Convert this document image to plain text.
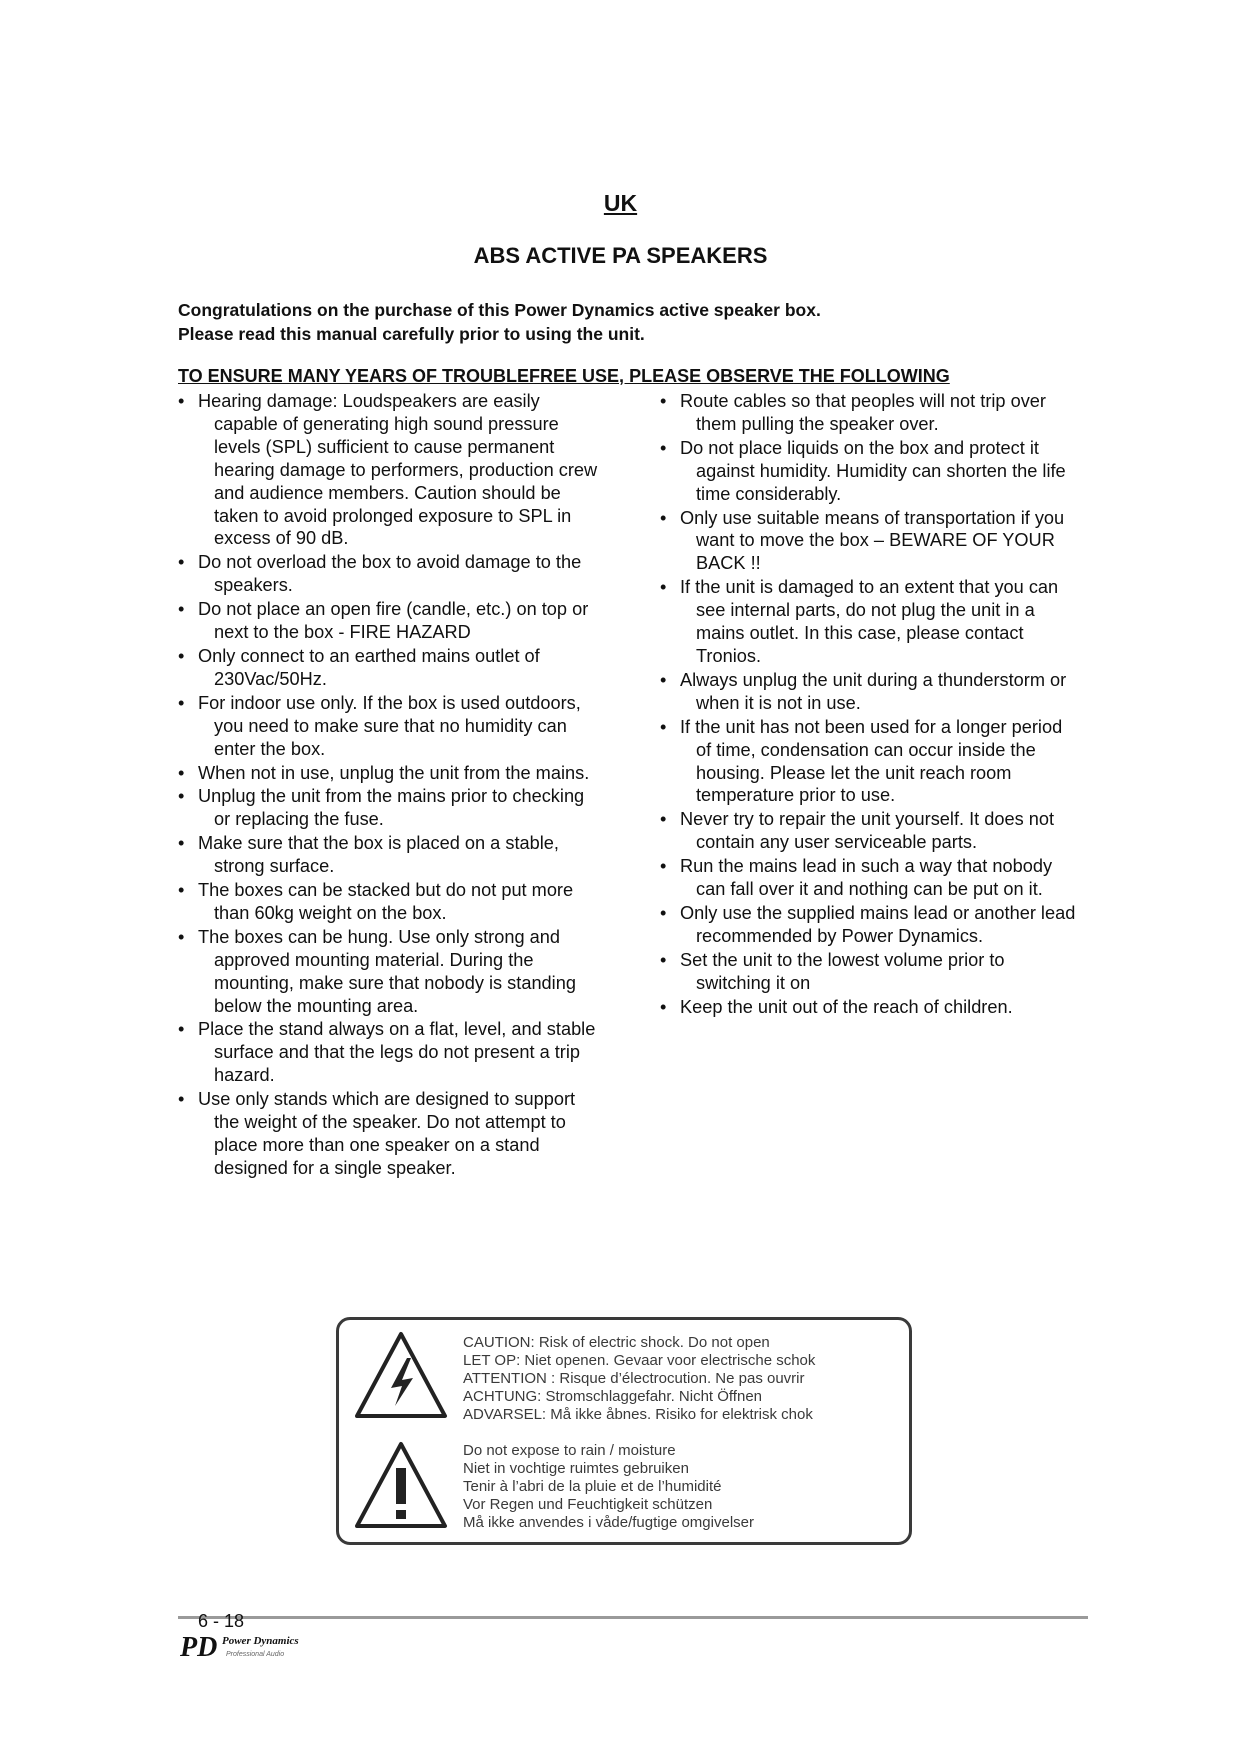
UK
ABS ACTIVE PA SPEAKERS
Congratulations on the purchase of this Power Dynamics active speaker box.
Please read this manual carefully prior to using the unit.
TO ENSURE MANY YEARS OF TROUBLEFREE USE, PLEASE OBSERVE THE FOLLOWING
• Hearing damage: Loudspeakers are easily capable of generating high sound pressure levels (SPL) sufficient to cause permanent hearing damage to performers, production crew and audience members. Caution should be taken to avoid prolonged exposure to SPL in excess of 90 dB.
• Do not overload the box to avoid damage to the speakers.
• Do not place an open fire (candle, etc.) on top or next to the box - FIRE HAZARD
• Only connect to an earthed mains outlet of 230Vac/50Hz.
• For indoor use only. If the box is used outdoors, you need to make sure that no humidity can enter the box.
• When not in use, unplug the unit from the mains.
• Unplug the unit from the mains prior to checking or replacing the fuse.
• Make sure that the box is placed on a stable, strong surface.
• The boxes can be stacked but do not put more than 60kg weight on the box.
• The boxes can be hung. Use only strong and approved mounting material. During the mounting, make sure that nobody is standing below the mounting area.
• Place the stand always on a flat, level, and stable surface and that the legs do not present a trip hazard.
• Use only stands which are designed to support the weight of the speaker. Do not attempt to place more than one speaker on a stand designed for a single speaker.
• Route cables so that peoples will not trip over them pulling the speaker over.
• Do not place liquids on the box and protect it against humidity. Humidity can shorten the life time considerably.
• Only use suitable means of transportation if you want to move the box – BEWARE OF YOUR BACK !!
• If the unit is damaged to an extent that you can see internal parts, do not plug the unit in a mains outlet. In this case, please contact Tronios.
• Always unplug the unit during a thunderstorm or when it is not in use.
• If the unit has not been used for a longer period of time, condensation can occur inside the housing. Please let the unit reach room temperature prior to use.
• Never try to repair the unit yourself. It does not contain any user serviceable parts.
• Run the mains lead in such a way that nobody can fall over it and nothing can be put on it.
• Only use the supplied mains lead or another lead recommended by Power Dynamics.
• Set the unit to the lowest volume prior to switching it on
• Keep the unit out of the reach of children.
CAUTION: Risk of electric shock. Do not open
LET OP: Niet openen. Gevaar voor electrische schok
ATTENTION : Risque d’électrocution. Ne pas ouvrir
ACHTUNG: Stromschlaggefahr. Nicht Öffnen
ADVARSEL: Må ikke åbnes. Risiko for elektrisk chok
Do not expose to rain / moisture
Niet in vochtige ruimtes gebruiken
Tenir à l’abri de la pluie et de l’humidité
Vor Regen und Feuchtigkeit schützen
Må ikke anvendes i våde/fugtige omgivelser
6 - 18
PD Power Dynamics
Professional Audio
